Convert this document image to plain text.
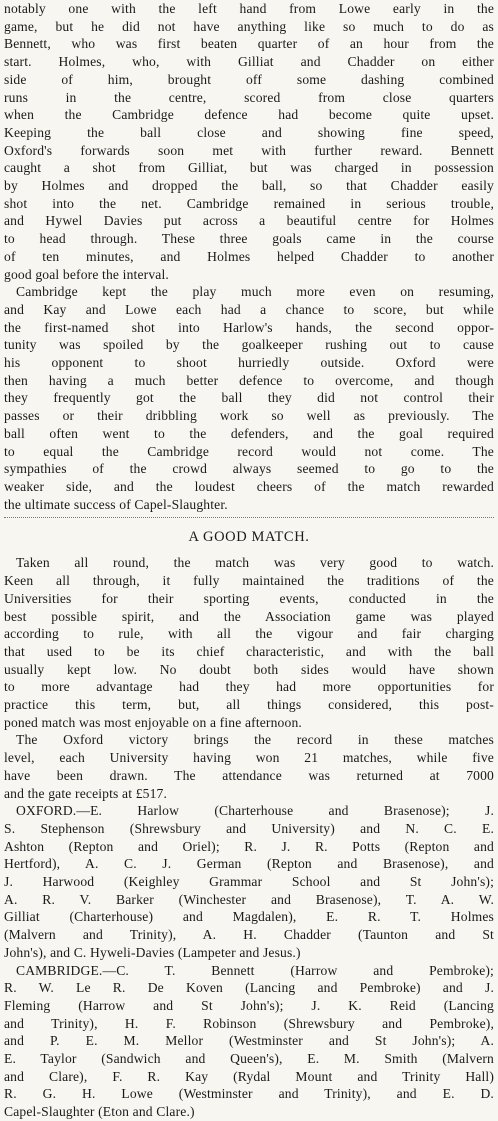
notably one with the left hand from Lowe early in the
game, but he did not have anything like so much to do as
Bennett, who was first beaten quarter of an hour from the
start. Holmes, who, with Gilliat and Chadder on either
side of him, brought off some dashing combined
runs in the centre, scored from close quarters
when the Cambridge defence had become quite upset.
Keeping the ball close and showing fine speed,
Oxford's forwards soon met with further reward. Bennett
caught a shot from Gilliat, but was charged in possession
by Holmes and dropped the ball, so that Chadder easily
shot into the net. Cambridge remained in serious trouble,
and Hywel Davies put across a beautiful centre for Holmes
to head through. These three goals came in the course
of ten minutes, and Holmes helped Chadder to another
good goal before the interval.
Cambridge kept the play much more even on resuming,
and Kay and Lowe each had a chance to score, but while
the first-named shot into Harlow's hands, the second oppor-
tunity was spoiled by the goalkeeper rushing out to cause
his opponent to shoot hurriedly outside. Oxford were
then having a much better defence to overcome, and though
they frequently got the ball they did not control their
passes or their dribbling work so well as previously. The
ball often went to the defenders, and the goal required
to equal the Cambridge record would not come. The
sympathies of the crowd always seemed to go to the
weaker side, and the loudest cheers of the match rewarded
the ultimate success of Capel-Slaughter.
A GOOD MATCH.
Taken all round, the match was very good to watch.
Keen all through, it fully maintained the traditions of the
Universities for their sporting events, conducted in the
best possible spirit, and the Association game was played
according to rule, with all the vigour and fair charging
that used to be its chief characteristic, and with the ball
usually kept low. No doubt both sides would have shown
to more advantage had they had more opportunities for
practice this term, but, all things considered, this post-
poned match was most enjoyable on a fine afternoon.
The Oxford victory brings the record in these matches
level, each University having won 21 matches, while five
have been drawn. The attendance was returned at 7000
and the gate receipts at £517.
OXFORD.—E. Harlow (Charterhouse and Brasenose); J.
S. Stephenson (Shrewsbury and University) and N. C. E.
Ashton (Repton and Oriel); R. J. R. Potts (Repton and
Hertford), A. C. J. German (Repton and Brasenose), and
J. Harwood (Keighley Grammar School and St John's);
A. R. V. Barker (Winchester and Brasenose), T. A. W.
Gilliat (Charterhouse) and Magdalen), E. R. T. Holmes
(Malvern and Trinity), A. H. Chadder (Taunton and St
John's), and C. Hyweli-Davies (Lampeter and Jesus.)
CAMBRIDGE.—C. T. Bennett (Harrow and Pembroke);
R. W. Le R. De Koven (Lancing and Pembroke) and J.
Fleming (Harrow and St John's); J. K. Reid (Lancing
and Trinity), H. F. Robinson (Shrewsbury and Pembroke),
and P. E. M. Mellor (Westminster and St John's); A.
E. Taylor (Sandwich and Queen's), E. M. Smith (Malvern
and Clare), F. R. Kay (Rydal Mount and Trinity Hall)
R. G. H. Lowe (Westminster and Trinity), and E. D.
Capel-Slaughter (Eton and Clare.)
